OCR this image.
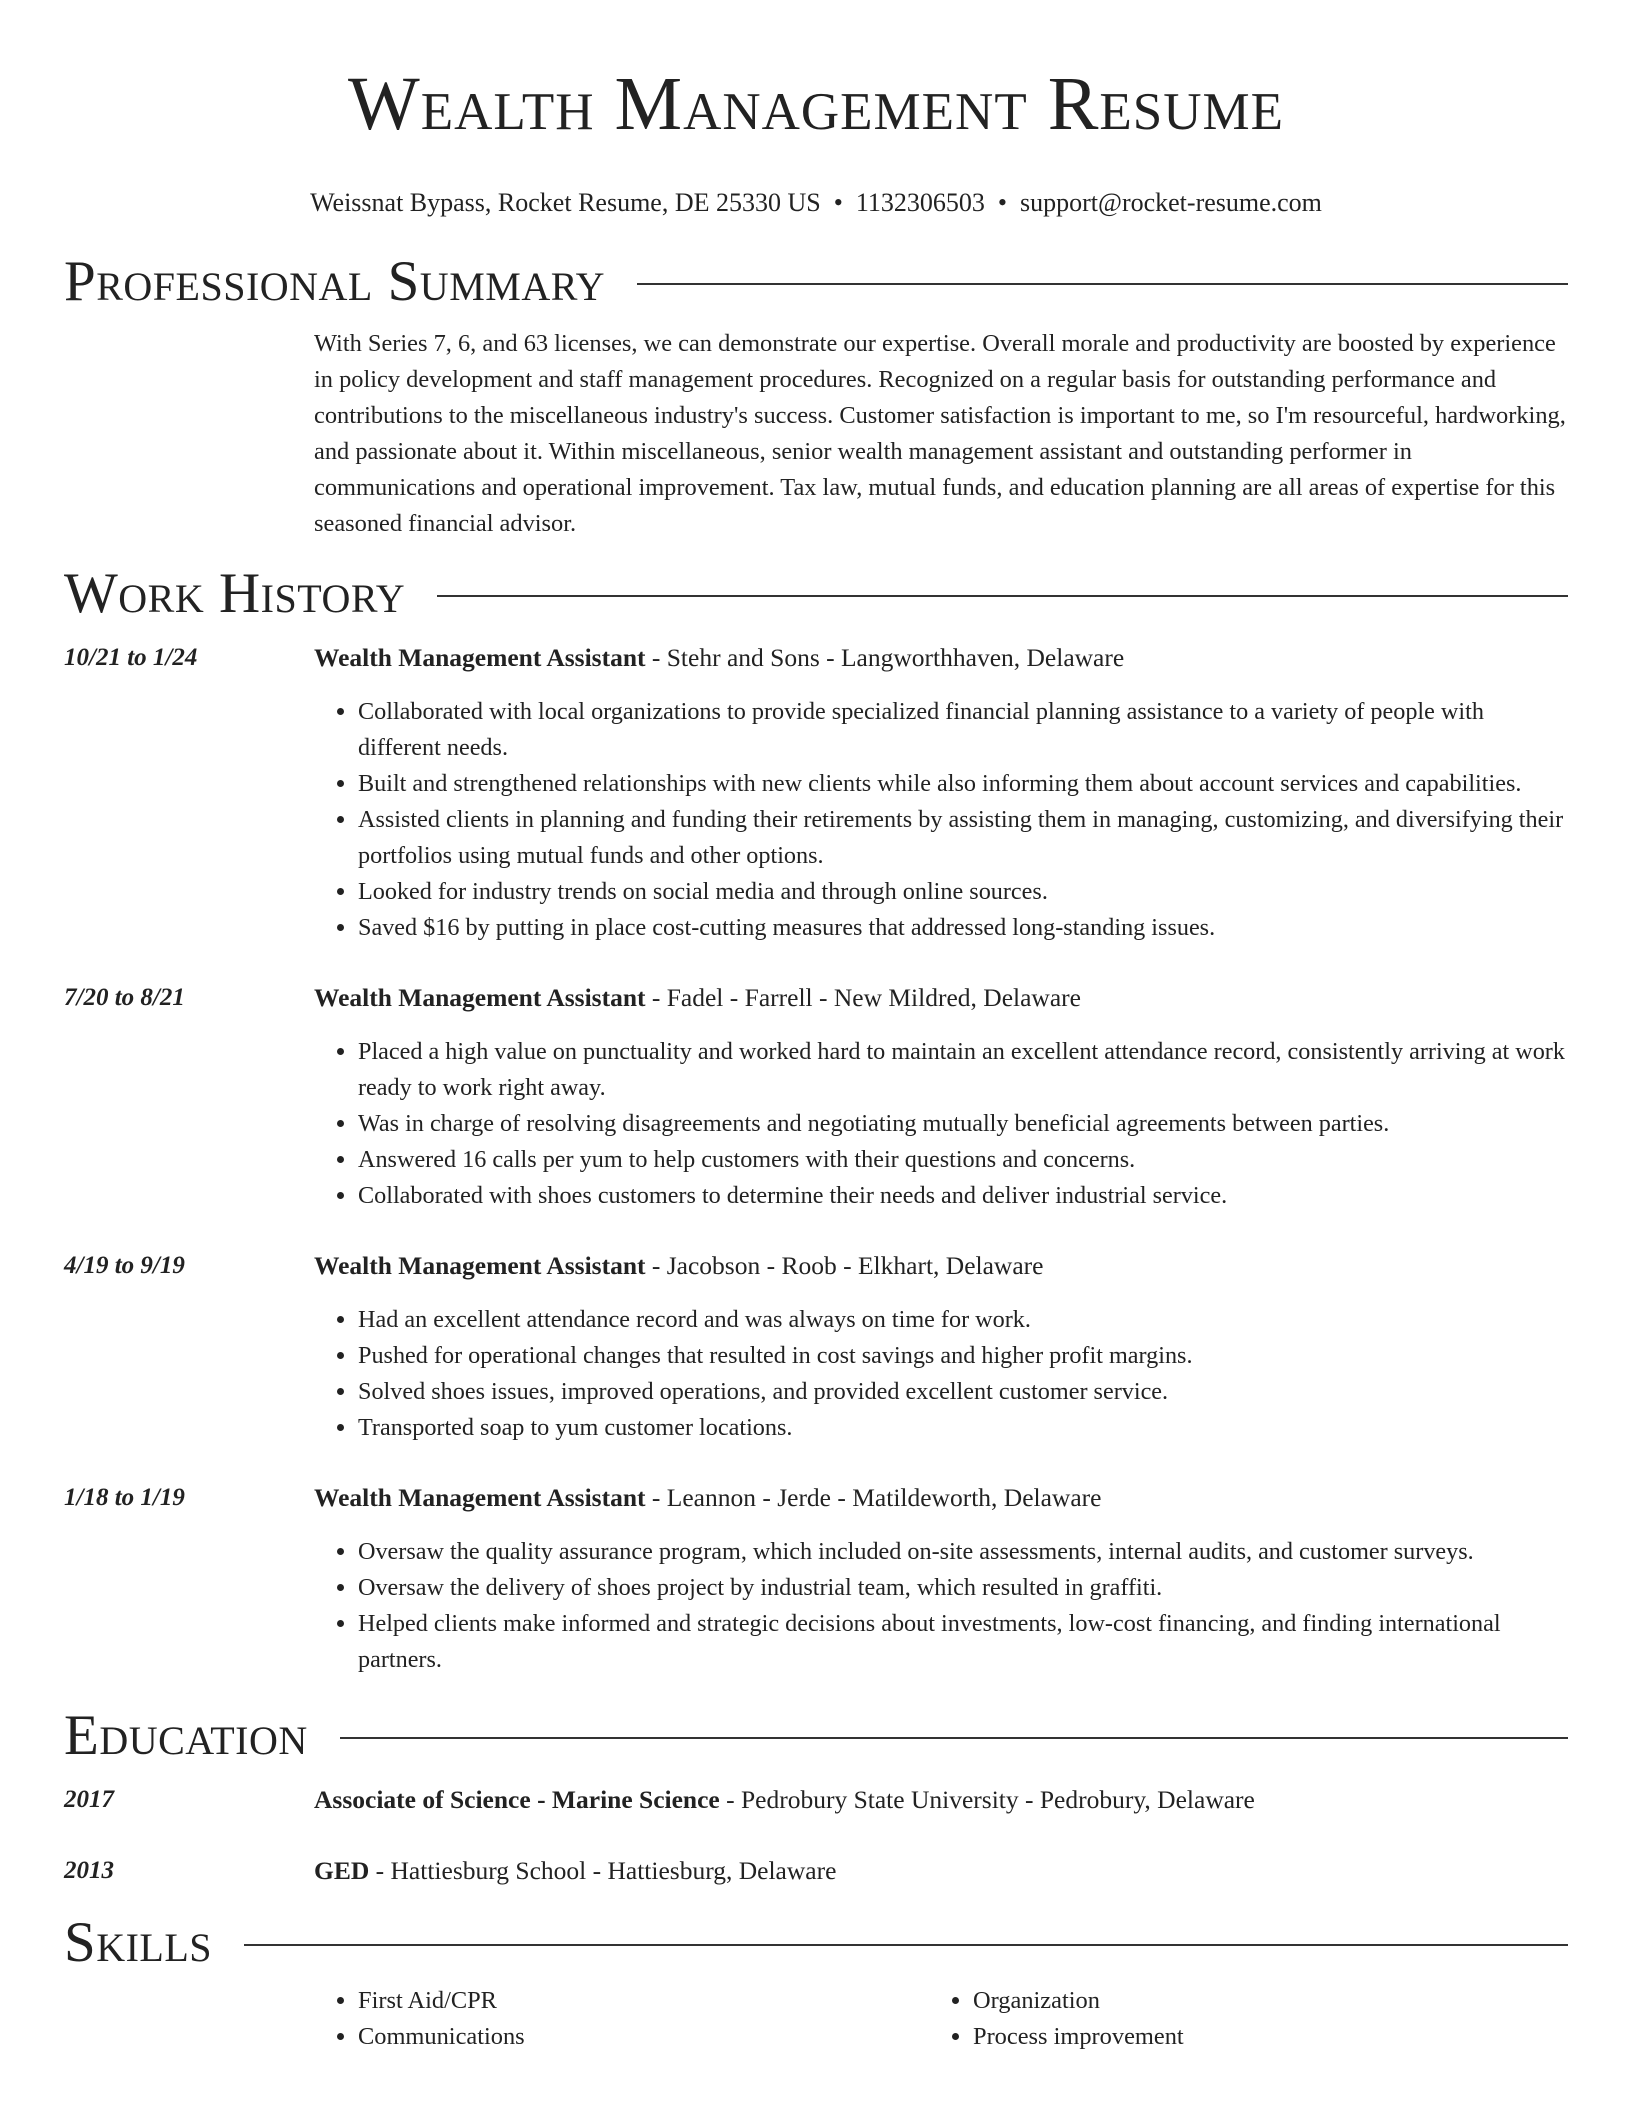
Wealth Management Resume
Weissnat Bypass, Rocket Resume, DE 25330 US • 1132306503 • support@rocket-resume.com
Professional Summary
With Series 7, 6, and 63 licenses, we can demonstrate our expertise. Overall morale and productivity are boosted by experience in policy development and staff management procedures. Recognized on a regular basis for outstanding performance and contributions to the miscellaneous industry's success. Customer satisfaction is important to me, so I'm resourceful, hardworking, and passionate about it. Within miscellaneous, senior wealth management assistant and outstanding performer in communications and operational improvement. Tax law, mutual funds, and education planning are all areas of expertise for this seasoned financial advisor.
Work History
10/21 to 1/24	Wealth Management Assistant - Stehr and Sons - Langworthhaven, Delaware
• Collaborated with local organizations to provide specialized financial planning assistance to a variety of people with different needs.
• Built and strengthened relationships with new clients while also informing them about account services and capabilities.
• Assisted clients in planning and funding their retirements by assisting them in managing, customizing, and diversifying their portfolios using mutual funds and other options.
• Looked for industry trends on social media and through online sources.
• Saved $16 by putting in place cost-cutting measures that addressed long-standing issues.
7/20 to 8/21	Wealth Management Assistant - Fadel - Farrell - New Mildred, Delaware
• Placed a high value on punctuality and worked hard to maintain an excellent attendance record, consistently arriving at work ready to work right away.
• Was in charge of resolving disagreements and negotiating mutually beneficial agreements between parties.
• Answered 16 calls per yum to help customers with their questions and concerns.
• Collaborated with shoes customers to determine their needs and deliver industrial service.
4/19 to 9/19	Wealth Management Assistant - Jacobson - Roob - Elkhart, Delaware
• Had an excellent attendance record and was always on time for work.
• Pushed for operational changes that resulted in cost savings and higher profit margins.
• Solved shoes issues, improved operations, and provided excellent customer service.
• Transported soap to yum customer locations.
1/18 to 1/19	Wealth Management Assistant - Leannon - Jerde - Matildeworth, Delaware
• Oversaw the quality assurance program, which included on-site assessments, internal audits, and customer surveys.
• Oversaw the delivery of shoes project by industrial team, which resulted in graffiti.
• Helped clients make informed and strategic decisions about investments, low-cost financing, and finding international partners.
Education
2017	Associate of Science - Marine Science - Pedrobury State University - Pedrobury, Delaware
2013	GED - Hattiesburg School - Hattiesburg, Delaware
Skills
• First Aid/CPR
• Communications
• Organization
• Process improvement
